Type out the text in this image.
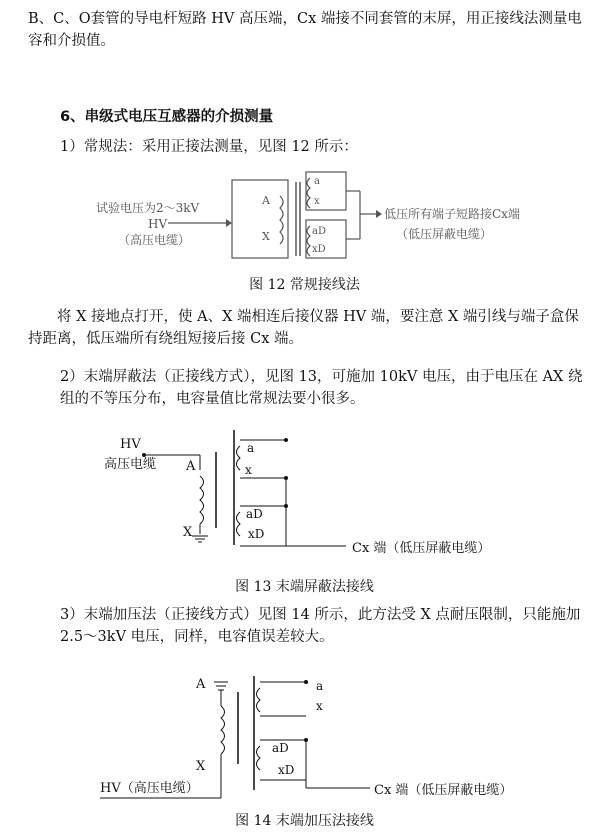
B、C、O套管的导电杆短路 HV 高压端，Cx 端接不同套管的末屏，用正接线法测量电容和介损值。

6、串级式电压互感器的介损测量

1）常规法：采用正接法测量，见图 12 所示：

试验电压为2～3kV
HV
（高压电缆）
A
X
a
x
aD
xD
低压所有端子短路接Cx端
（低压屏蔽电缆）

图 12 常规接线法

将 X 接地点打开，使 A、X 端相连后接仪器 HV 端，要注意 X 端引线与端子盒保持距离，低压端所有绕组短接后接 Cx 端。

2）末端屏蔽法（正接线方式），见图 13，可施加 10kV 电压，由于电压在 AX 绕组的不等压分布，电容量值比常规法要小很多。

HV
高压电缆 A
X
a
x
aD
xD
Cx 端（低压屏蔽电缆）

图 13 末端屏蔽法接线

3）末端加压法（正接线方式）见图 14 所示，此方法受 X 点耐压限制，只能施加 2.5～3kV 电压，同样，电容值误差较大。

A
X
a
x
aD
xD
HV（高压电缆）	Cx 端（低压屏蔽电缆）

图 14 末端加压法接线
